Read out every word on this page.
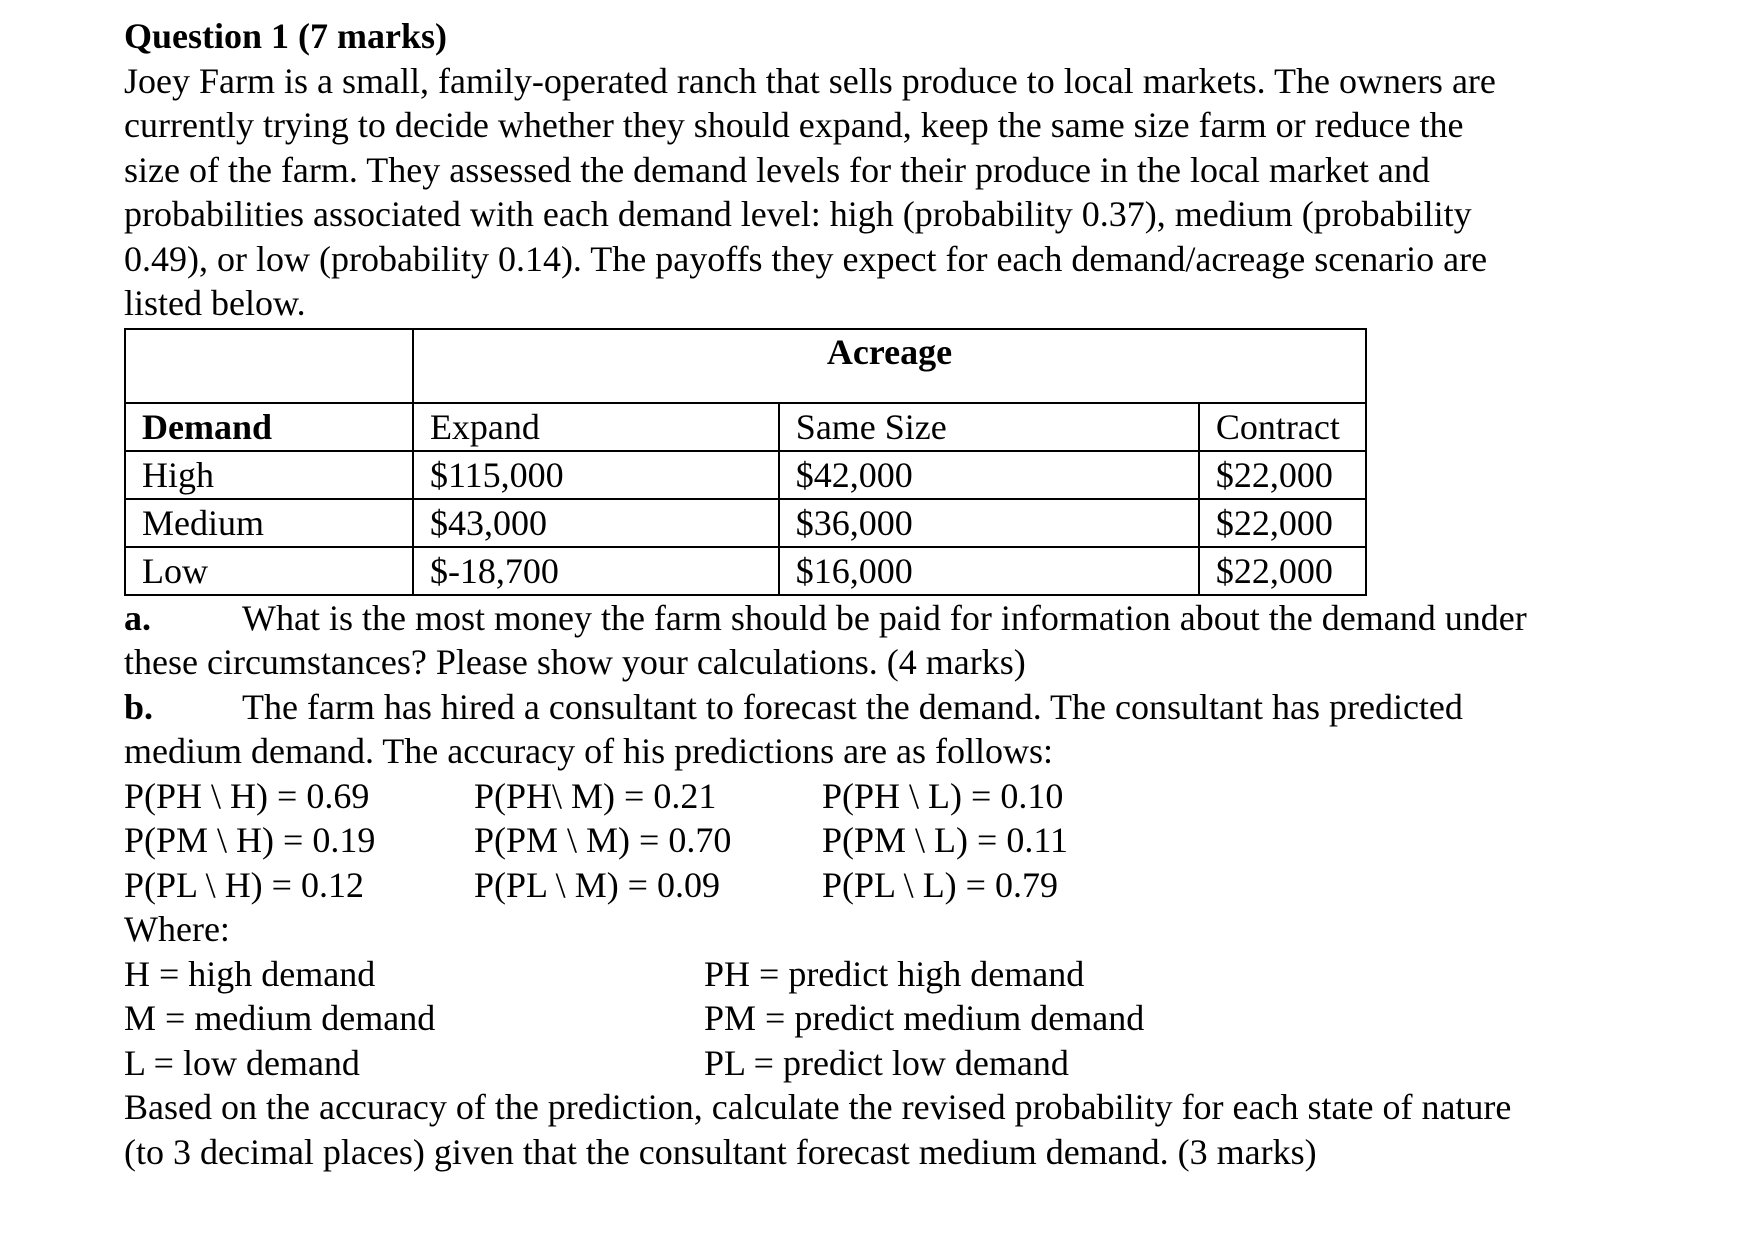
Question 1 (7 marks)

Joey Farm is a small, family-operated ranch that sells produce to local markets. The owners are

currently trying to decide whether they should expand, keep the same size farm or reduce the

size of the farm. They assessed the demand levels for their produce in the local market and

probabilities associated with each demand level: high (probability 0.37), medium (probability

0.49), or low (probability 0.14). The payoffs they expect for each demand/acreage scenario are

listed below.

	Acreage		
Demand	Expand	Same Size	Contract
High	$115,000	$42,000	$22,000
Medium	$43,000	$36,000	$22,000
Low	$-18,700	$16,000	$22,000
a.	What is the most money the farm should be paid for information about the demand under
these circumstances? Please show your calculations. (4 marks)
b. The farm has hired a consultant to forecast the demand. The consultant has predicted
medium demand. The accuracy of his predictions are as follows:
P(PH \ H) = 0.69	P(PH\ M) = 0.21	P(PH \ L) = 0.10
P(PM \ H) = 0.19	P(PM \ M) = 0.70	P(PM \ L) = 0.11
P(PL \ H) = 0.12	P(PL \ M) = 0.09	P(PL \ L) = 0.79
Where:
H = high demand	PH = predict high demand
M = medium demand	PM = predict medium demand
L = low demand	PL = predict low demand
Based on the accuracy of the prediction, calculate the revised probability for each state of nature
(to 3 decimal places) given that the consultant forecast medium demand. (3 marks)
